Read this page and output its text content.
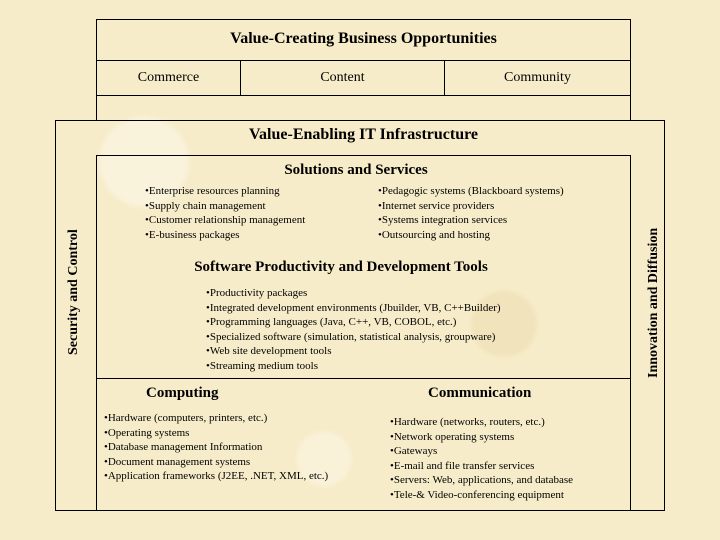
Value-Creating Business Opportunities
Commerce	Content	Community
Value-Enabling IT Infrastructure
Security and Control	Innovation and Diffusion
Solutions and Services
• Enterprise resources planning
• Supply chain management
• Customer relationship management
• E-business packages
• Pedagogic systems (Blackboard systems)
• Internet service providers
• Systems integration services
• Outsourcing and hosting
Software Productivity and Development Tools
• Productivity packages
• Integrated development environments (Jbuilder, VB, C++Builder)
• Programming languages (Java, C++, VB, COBOL, etc.)
• Specialized software (simulation, statistical analysis, groupware)
• Web site development tools
• Streaming medium tools
Computing
• Hardware (computers, printers, etc.)
• Operating systems
• Database management Information
• Document management systems
• Application frameworks (J2EE, .NET, XML, etc.)
Communication
• Hardware (networks, routers, etc.)
• Network operating systems
• Gateways
• E-mail and file transfer services
• Servers: Web, applications, and database
• Tele-& Video-conferencing equipment
